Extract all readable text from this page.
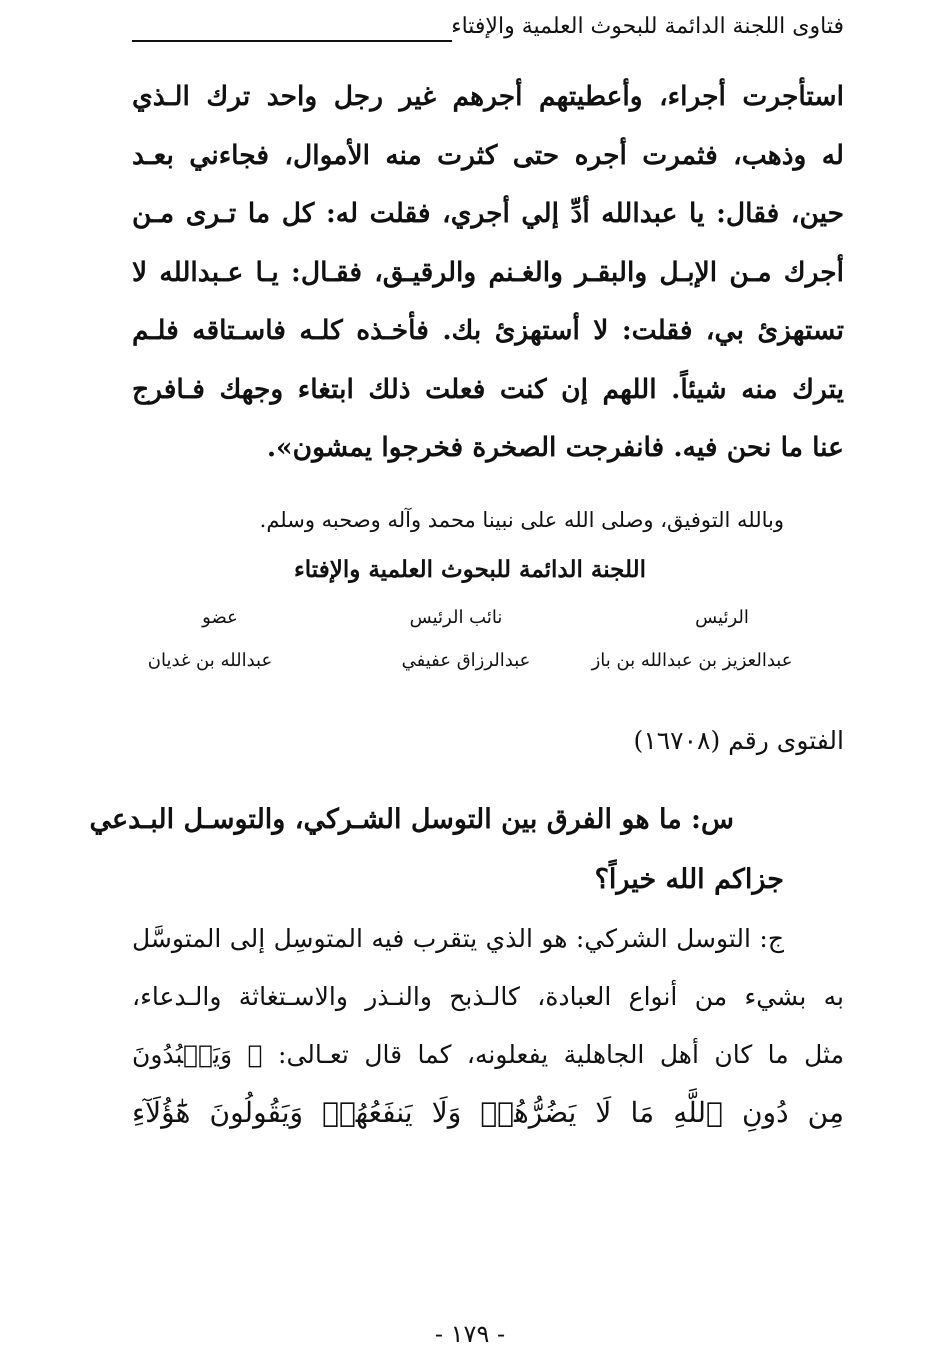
فتاوى اللجنة الدائمة للبحوث العلمية والإفتاء

استأجرت أجراء، وأعطيتهم أجرهم غير رجل واحد ترك الـذي
له وذهب، فثمرت أجره حتى كثرت منه الأموال، فجاءني بعـد
حين، فقال: يا عبدالله أدِّ إلي أجري، فقلت له: كل ما تـرى مـن
أجرك مـن الإبـل والبقـر والغـنم والرقيـق، فقـال: يـا عـبدالله لا
تستهزئ بي، فقلت: لا أستهزئ بك. فأخـذه كلـه فاسـتاقه فلـم
يترك منه شيئاً. اللهم إن كنت فعلت ذلك ابتغاء وجهك فـافرج
عنا ما نحن فيه. فانفرجت الصخرة فخرجوا يمشون».

وبالله التوفيق، وصلى الله على نبينا محمد وآله وصحبه وسلم.
اللجنة الدائمة للبحوث العلمية والإفتاء
الرئيس
عبدالعزيز بن عبدالله بن باز
نائب الرئيس
عبدالرزاق عفيفي
عضو
عبدالله بن غديان
الفتوى رقم (١٦٧٠٨)

س: ما هو الفرق بين التوسل الشـركي، والتوسـل البـدعي
جزاكم الله خيراً؟

ج: التوسل الشركي: هو الذي يتقرب فيه المتوسِل إلى المتوسَّل
به بشيء من أنواع العبادة، كالـذبح والنـذر والاسـتغاثة والـدعاء،
مثل ما كان أهل الجاهلية يفعلونه، كما قال تعـالى: ﴿ وَيَعۡبُدُونَ
مِن دُونِ ٱللَّهِ مَا لَا يَضُرُّهُمۡ وَلَا يَنفَعُهُمۡ وَيَقُولُونَ هَٰٓؤُلَآءِ

- ١٧٩ -
